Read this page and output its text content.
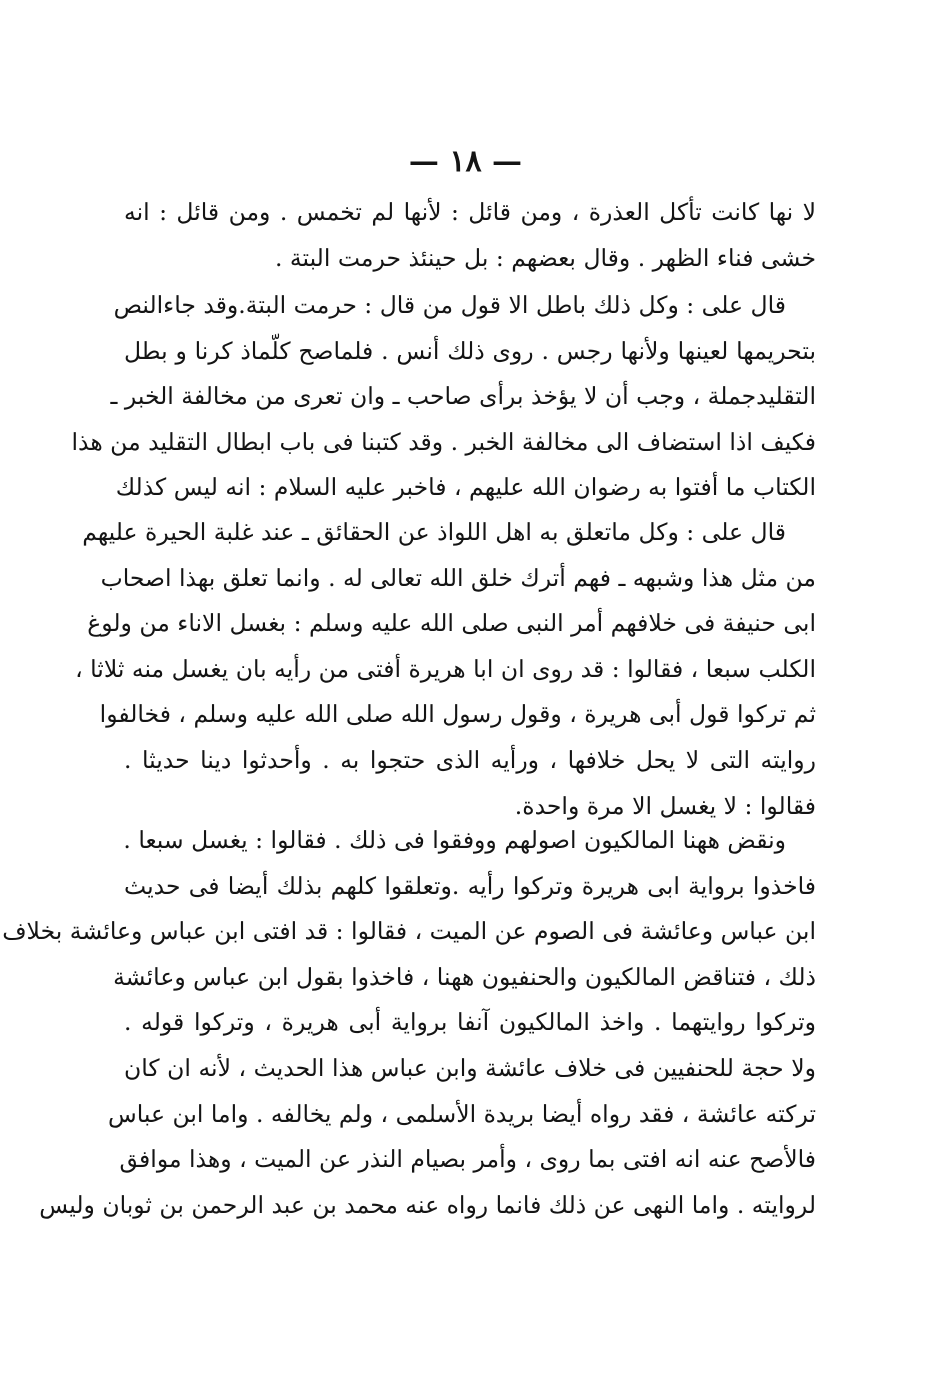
— ١٨ —
لا نها كانت تأكل العذرة ، ومن قائل : لأنها لم تخمس . ومن قائل : انه
خشى فناء الظهر . وقال بعضهم : بل حينئذ حرمت البتة .
قال على : وكل ذلك باطل الا قول من قال : حرمت البتة.وقد جاءالنص
بتحريمها لعينها ولأنها رجس . روى ذلك أنس . فلماصح كلّماذ كرنا و بطل
التقليدجملة ، وجب أن لا يؤخذ برأى صاحب ـ وان تعرى من مخالفة الخبر ـ
فكيف اذا استضاف الى مخالفة الخبر . وقد كتبنا فى باب ابطال التقليد من هذا
الكتاب ما أفتوا به رضوان الله عليهم ، فاخبر عليه السلام : انه ليس كذلك
قال على : وكل ماتعلق به اهل اللواذ عن الحقائق ـ عند غلبة الحيرة عليهم
من مثل هذا وشبهه ـ فهم أترك خلق الله تعالى له . وانما تعلق بهذا اصحاب
ابى حنيفة فى خلافهم أمر النبى صلى الله عليه وسلم : بغسل الاناء من ولوغ
الكلب سبعا ، فقالوا : قد روى ان ابا هريرة أفتى من رأيه بان يغسل منه ثلاثا ،
ثم تركوا قول أبى هريرة ، وقول رسول الله صلى الله عليه وسلم ، فخالفوا
روايته التى لا يحل خلافها ، ورأيه الذى حتجوا به . وأحدثوا دينا حديثا .
فقالوا : لا يغسل الا مرة واحدة.
ونقض ههنا المالكيون اصولهم ووفقوا فى ذلك . فقالوا : يغسل سبعا .
فاخذوا برواية ابى هريرة وتركوا رأيه .وتعلقوا كلهم بذلك أيضا فى حديث
ابن عباس وعائشة فى الصوم عن الميت ، فقالوا : قد افتى ابن عباس وعائشة بخلاف
ذلك ، فتناقض المالكيون والحنفيون ههنا ، فاخذوا بقول ابن عباس وعائشة
وتركوا روايتهما . واخذ المالكيون آنفا برواية أبى هريرة ، وتركوا قوله .
ولا حجة للحنفيين فى خلاف عائشة وابن عباس هذا الحديث ، لأنه ان كان
تركته عائشة ، فقد رواه أيضا بريدة الأسلمى ، ولم يخالفه . واما ابن عباس
فالأصح عنه انه افتى بما روى ، وأمر بصيام النذر عن الميت ، وهذا موافق
لروايته . واما النهى عن ذلك فانما رواه عنه محمد بن عبد الرحمن بن ثوبان وليس
